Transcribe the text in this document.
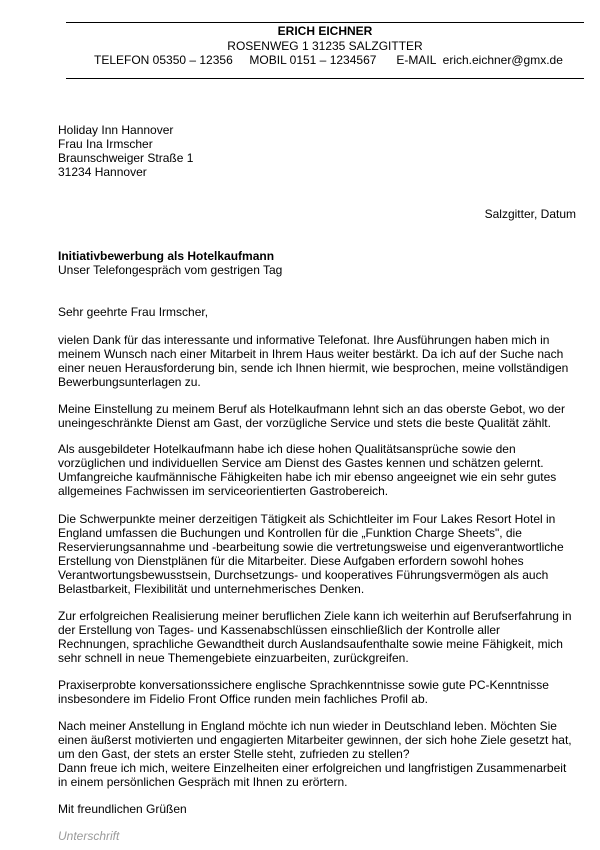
ERICH EICHNER
ROSENWEG 1 31235 SALZGITTER
TELEFON 05350 – 12356     MOBIL 0151 – 1234567      E-MAIL  erich.eichner@gmx.de
Holiday Inn Hannover
Frau Ina Irmscher
Braunschweiger Straße 1
31234 Hannover
Salzgitter, Datum
Initiativbewerbung als Hotelkaufmann
Unser Telefongespräch vom gestrigen Tag
Sehr geehrte Frau Irmscher,
vielen Dank für das interessante und informative Telefonat. Ihre Ausführungen haben mich in
meinem Wunsch nach einer Mitarbeit in Ihrem Haus weiter bestärkt. Da ich auf der Suche nach
einer neuen Herausforderung bin, sende ich Ihnen hiermit, wie besprochen, meine vollständigen
Bewerbungsunterlagen zu.
Meine Einstellung zu meinem Beruf als Hotelkaufmann lehnt sich an das oberste Gebot, wo der
uneingeschränkte Dienst am Gast, der vorzügliche Service und stets die beste Qualität zählt.
Als ausgebildeter Hotelkaufmann habe ich diese hohen Qualitätsansprüche sowie den
vorzüglichen und individuellen Service am Dienst des Gastes kennen und schätzen gelernt.
Umfangreiche kaufmännische Fähigkeiten habe ich mir ebenso angeeignet wie ein sehr gutes
allgemeines Fachwissen im serviceorientierten Gastrobereich.
Die Schwerpunkte meiner derzeitigen Tätigkeit als Schichtleiter im Four Lakes Resort Hotel in
England umfassen die Buchungen und Kontrollen für die „Funktion Charge Sheets", die
Reservierungsannahme und -bearbeitung sowie die vertretungsweise und eigenverantwortliche
Erstellung von Dienstplänen für die Mitarbeiter. Diese Aufgaben erfordern sowohl hohes
Verantwortungsbewusstsein, Durchsetzungs- und kooperatives Führungsvermögen als auch
Belastbarkeit, Flexibilität und unternehmerisches Denken.
Zur erfolgreichen Realisierung meiner beruflichen Ziele kann ich weiterhin auf Berufserfahrung in
der Erstellung von Tages- und Kassenabschlüssen einschließlich der Kontrolle aller
Rechnungen, sprachliche Gewandtheit durch Auslandsaufenthalte sowie meine Fähigkeit, mich
sehr schnell in neue Themengebiete einzuarbeiten, zurückgreifen.
Praxiserprobte konversationssichere englische Sprachkenntnisse sowie gute PC-Kenntnisse
insbesondere im Fidelio Front Office runden mein fachliches Profil ab.
Nach meiner Anstellung in England möchte ich nun wieder in Deutschland leben. Möchten Sie
einen äußerst motivierten und engagierten Mitarbeiter gewinnen, der sich hohe Ziele gesetzt hat,
um den Gast, der stets an erster Stelle steht, zufrieden zu stellen?
Dann freue ich mich, weitere Einzelheiten einer erfolgreichen und langfristigen Zusammenarbeit
in einem persönlichen Gespräch mit Ihnen zu erörtern.
Mit freundlichen Grüßen
Unterschrift
